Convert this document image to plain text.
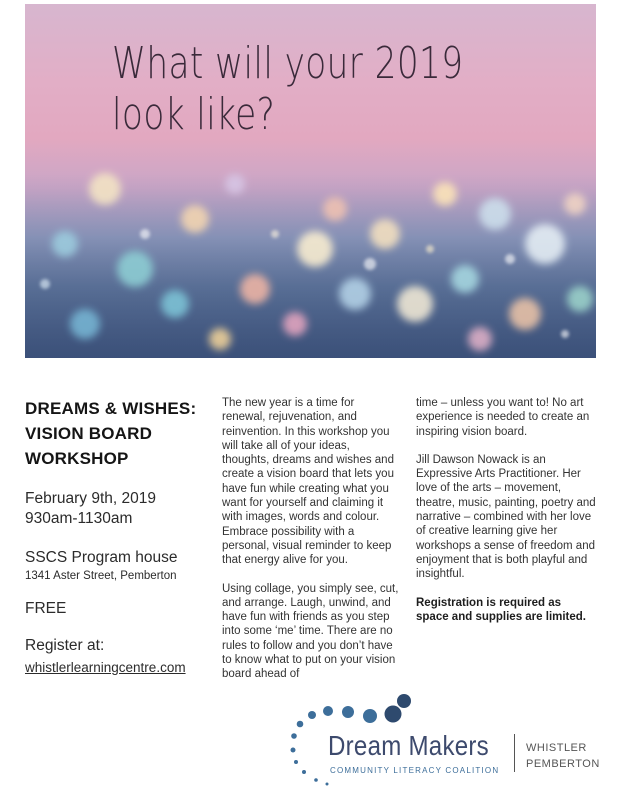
What will your 2019
look like?
DREAMS & WISHES:
VISION BOARD
WORKSHOP
February 9th, 2019
930am-1130am
SSCS Program house
1341 Aster Street, Pemberton
FREE
Register at:
whistlerlearningcentre.com

The new year is a time for renewal, rejuvenation, and reinvention. In this workshop you will take all of your ideas, thoughts, dreams and wishes and create a vision board that lets you have fun while creating what you want for yourself and claiming it with images, words and colour. Embrace possibility with a personal, visual reminder to keep that energy alive for you.

Using collage, you simply see, cut, and arrange. Laugh, unwind, and have fun with friends as you step into some ‘me’ time. There are no rules to follow and you don’t have to know what to put on your vision board ahead of

time – unless you want to! No art experience is needed to create an inspiring vision board.

Jill Dawson Nowack is an Expressive Arts Practitioner. Her love of the arts – movement, theatre, music, painting, poetry and narrative – combined with her love of creative learning give her workshops a sense of freedom and enjoyment that is both playful and insightful.

Registration is required as space and supplies are limited.

Dream Makers
COMMUNITY LITERACY COALITION
WHISTLER
PEMBERTON
